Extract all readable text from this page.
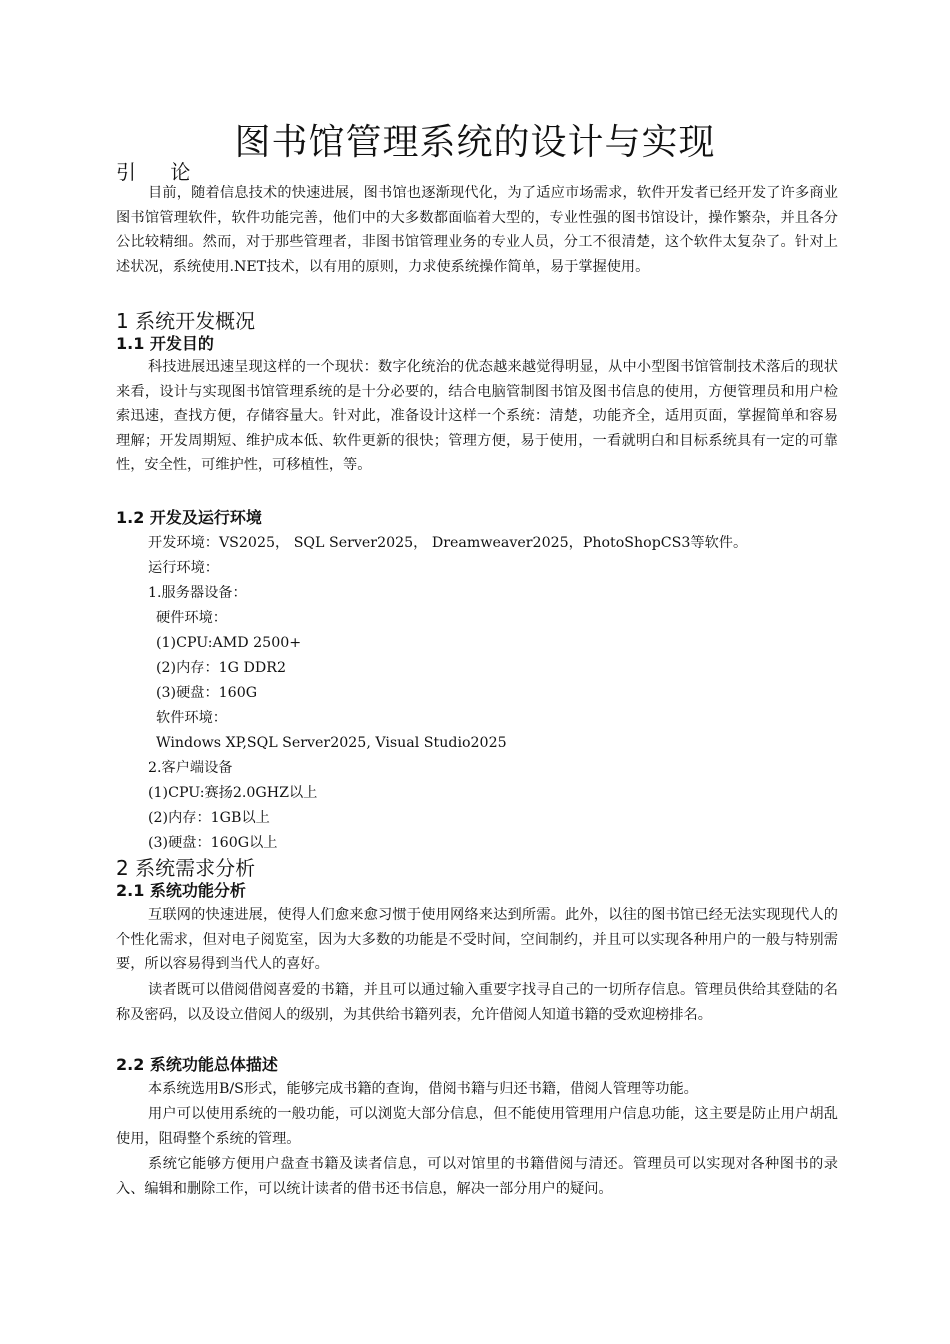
图书馆管理系统的设计与实现
引 论

目前，随着信息技术的快速进展，图书馆也逐渐现代化，为了适应市场需求，软件开发者已经开发了许多商业图书馆管理软件，软件功能完善，他们中的大多数都面临着大型的，专业性强的图书馆设计，操作繁杂，并且各分公比较精细。然而，对于那些管理者，非图书馆管理业务的专业人员，分工不很清楚，这个软件太复杂了。针对上述状况，系统使用.NET技术，以有用的原则，力求使系统操作简单，易于掌握使用。

1 系统开发概况
1.1 开发目的

科技进展迅速呈现这样的一个现状：数字化统治的优态越来越觉得明显，从中小型图书馆管制技术落后的现状来看，设计与实现图书馆管理系统的是十分必要的，结合电脑管制图书馆及图书信息的使用，方便管理员和用户检索迅速，查找方便，存储容量大。针对此，准备设计这样一个系统：清楚，功能齐全，适用页面，掌握简单和容易理解；开发周期短、维护成本低、软件更新的很快；管理方便，易于使用，一看就明白和目标系统具有一定的可靠性，安全性，可维护性，可移植性，等。

1.2 开发及运行环境
开发环境：VS2025， SQL Server2025， Dreamweaver2025，PhotoShopCS3等软件。
运行环境：
1.服务器设备：
硬件环境：
(1)CPU:AMD 2500+
(2)内存：1G DDR2
(3)硬盘：160G
软件环境：
Windows XP,SQL Server2025, Visual Studio2025
2.客户端设备
(1)CPU:赛扬2.0GHZ以上
(2)内存：1GB以上
(3)硬盘：160G以上
2 系统需求分析
2.1 系统功能分析

互联网的快速进展，使得人们愈来愈习惯于使用网络来达到所需。此外，以往的图书馆已经无法实现现代人的个性化需求，但对电子阅览室，因为大多数的功能是不受时间，空间制约，并且可以实现各种用户的一般与特别需要，所以容易得到当代人的喜好。

读者既可以借阅借阅喜爱的书籍，并且可以通过输入重要字找寻自己的一切所存信息。管理员供给其登陆的名称及密码，以及设立借阅人的级别，为其供给书籍列表，允许借阅人知道书籍的受欢迎榜排名。

2.2 系统功能总体描述

本系统选用B/S形式，能够完成书籍的查询，借阅书籍与归还书籍，借阅人管理等功能。

用户可以使用系统的一般功能，可以浏览大部分信息，但不能使用管理用户信息功能，这主要是防止用户胡乱使用，阻碍整个系统的管理。

系统它能够方便用户盘查书籍及读者信息，可以对馆里的书籍借阅与清还。管理员可以实现对各种图书的录入、编辑和删除工作，可以统计读者的借书还书信息，解决一部分用户的疑问。
